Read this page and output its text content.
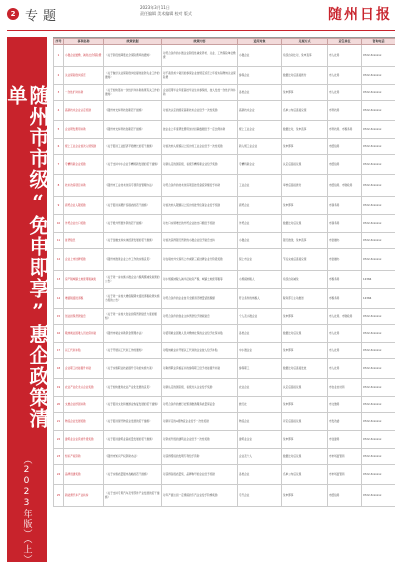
2 专题
2023年3月11日
责任编辑 美术编辑 校对 版式	随州日报
随州市市级“免申即享”惠企政策清单
（2023年版）（上）
序号	事项名称	政策依据	政策内容	适用对象	兑现方式	责任单位	咨询电话
1	小微企业缓缴、减免社会保险费	《关于阶段性降低社会保险费率的通知》	对符合条件的小微企业阶段性减免养老、失业、工伤保险单位缴费	小微企业	系统自动比对，免申直享	市人社局	0722-3xxxxxx
2	失业保险稳岗返还	《关于做好失业保险稳岗位提技能防失业工作的通知》	对不裁员或少裁员的参保企业按规定返还上年度实际缴纳失业保险费	参保企业	数据比对后直接拨付	市人社局	0722-3xxxxxx
3	一次性扩岗补助	《关于加快落实一次性扩岗补助政策有关工作的通知》	企业招用毕业年度高校毕业生并参保的，按人发放一次性扩岗补助	各类企业	免申即享	市人社局	0722-3xxxxxx
4	高新技术企业认定奖励	《随州市支持科技创新若干措施》	对首次认定的国家高新技术企业给予一次性奖励	高新技术企业	名单公布后直接兑现	市科技局	0722-3xxxxxx
5	企业研发费用补助	《随州市支持科技创新若干措施》	按企业上年度研发费用加计扣除数据给予一定比例补助	规上工业企业	数据比对，免申直享	市科技局、市税务局	0722-3xxxxxx
6	规上工业企业首次入规奖励	《关于促进工业经济平稳增长的若干措施》	对首次纳入规模以上统计的工业企业给予一次性奖励	新入规工业企业	免申即享	市经信局	0722-3xxxxxx
7	专精特新企业奖励	《关于支持中小企业专精特新发展的若干措施》	对新认定的国家级、省级专精特新企业给予奖励	专精特新企业	认定后直接兑现	市经信局	0722-3xxxxxx
8	技术改造项目补助	《随州市工业技术改造专项资金管理办法》	对符合条件的技术改造项目按设备投资额给予补助	工业企业	审核后直接拨付	市经信局、市财政局	0722-3xxxxxx
9	商贸企业入限奖励	《关于促进消费扩容提质的若干措施》	对首次纳入限额以上统计的批零住餐企业给予奖励	商贸企业	免申即享	市商务局	0722-3xxxxxx
10	外贸企业出口奖励	《关于稳外贸稳外资的若干措施》	对出口实绩增长的外贸企业按出口额给予奖励	外贸企业	数据比对后兑现	市商务局	0722-3xxxxxx
11	首贷贴息	《关于金融支持实体经济发展的若干措施》	对首次获得银行贷款的小微企业给予贴息支持	小微企业	银行推送，免申直享	市金融办	0722-3xxxxxx
12	企业上市挂牌奖励	《随州市推进企业上市工作的实施意见》	对在境内外交易所上市或新三板挂牌企业分阶段奖励	拟上市企业	节点完成后直接兑现	市金融办	0722-3xxxxxx
13	房产税城镇土地使用税减免	《关于进一步实施小微企业六税两费减免政策的公告》	对小规模纳税人减半征收房产税、城镇土地使用税等	小规模纳税人	系统自动减免	市税务局	12366
14	增值税留抵退税	《关于进一步加大增值税期末留抵退税政策实施力度的公告》	对符合条件的企业按月全额退还增量留抵税额	符合条件的纳税人	税务部门主动推送	市税务局	12366
15	创业担保贷款贴息	《关于进一步加大创业担保贷款贴息力度的通知》	对符合条件的创业主体贷款给予财政贴息	个人及小微企业	免申即享	市人社局、市财政局	0722-3xxxxxx
16	吸纳就业困难人员社保补贴	《随州市就业补助资金管理办法》	对招用就业困难人员并缴纳社保的企业给予社保补贴	各类企业	数据比对后兑现	市人社局	0722-3xxxxxx
17	以工代训补贴	《关于开展以工代训工作的通知》	对吸纳就业并开展以工代训的企业按人给予补贴	中小微企业	免申即享	市人社局	0722-3xxxxxx
18	企业职工技能提升补贴	《关于实施职业技能提升行动的实施方案》	对取得职业资格证书的参保职工给予技能提升补贴	参保职工	数据比对后直接发放	市人社局	0722-3xxxxxx
19	农业产业化龙头企业奖励	《关于加快推进农业产业化发展的意见》	对新认定的国家级、省级龙头企业给予奖励	农业企业	认定后直接兑现	市农业农村局	0722-3xxxxxx
20	文旅企业纾困补助	《关于促进文化和旅游业恢复发展的若干措施》	对符合条件的旅行社暂退旅游服务质量保证金	旅行社	免申即享	市文旅局	0722-3xxxxxx
21	物流企业发展奖励	《关于促进现代物流业发展的若干措施》	对新评定的A级物流企业给予一次性奖励	物流企业	评定后直接兑现	市发改委	0722-3xxxxxx
22	建筑业企业资质升级奖励	《关于促进建筑业高质量发展的若干措施》	对资质升级的建筑业企业给予一次性奖励	建筑业企业	免申即享	市住建局	0722-3xxxxxx
23	知识产权资助	《随州市知识产权资助办法》	对获得授权的发明专利给予资助	企业及个人	数据比对后兑现	市市场监管局	0722-3xxxxxx
24	品牌创建奖励	《关于实施质量强市战略的若干措施》	对获得各级质量奖、品牌称号的企业给予奖励	各类企业	名单公布后兑现	市市场监管局	0722-3xxxxxx
25	新能源汽车产业扶持	《关于支持专用汽车及零部件产业发展的若干措施》	对年产值达到一定规模的专汽企业给予阶梯奖励	专汽企业	免申即享	市经信局	0722-3xxxxxx
